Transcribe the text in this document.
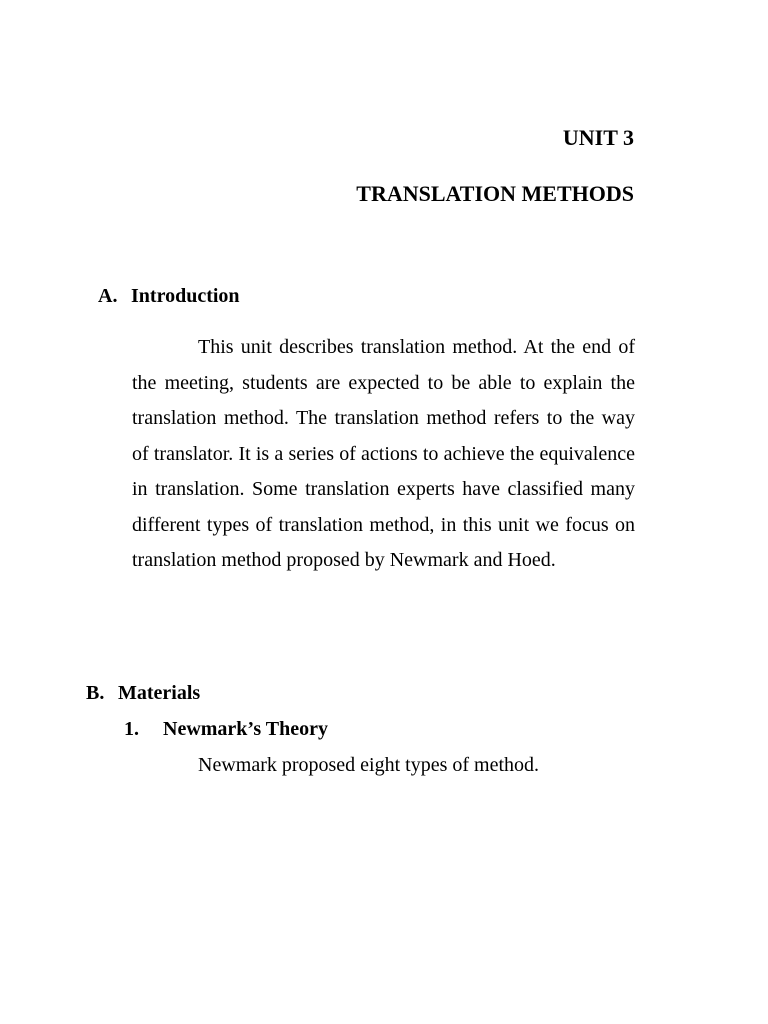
UNIT 3
TRANSLATION METHODS
A. Introduction

This unit describes translation method. At the end of the meeting, students are expected to be able to explain the translation method. The translation method refers to the way of translator. It is a series of actions to achieve the equivalence in translation. Some translation experts have classified many different types of translation method, in this unit we focus on translation method proposed by Newmark and Hoed.

B. Materials
1. Newmark’s Theory

Newmark proposed eight types of method.
